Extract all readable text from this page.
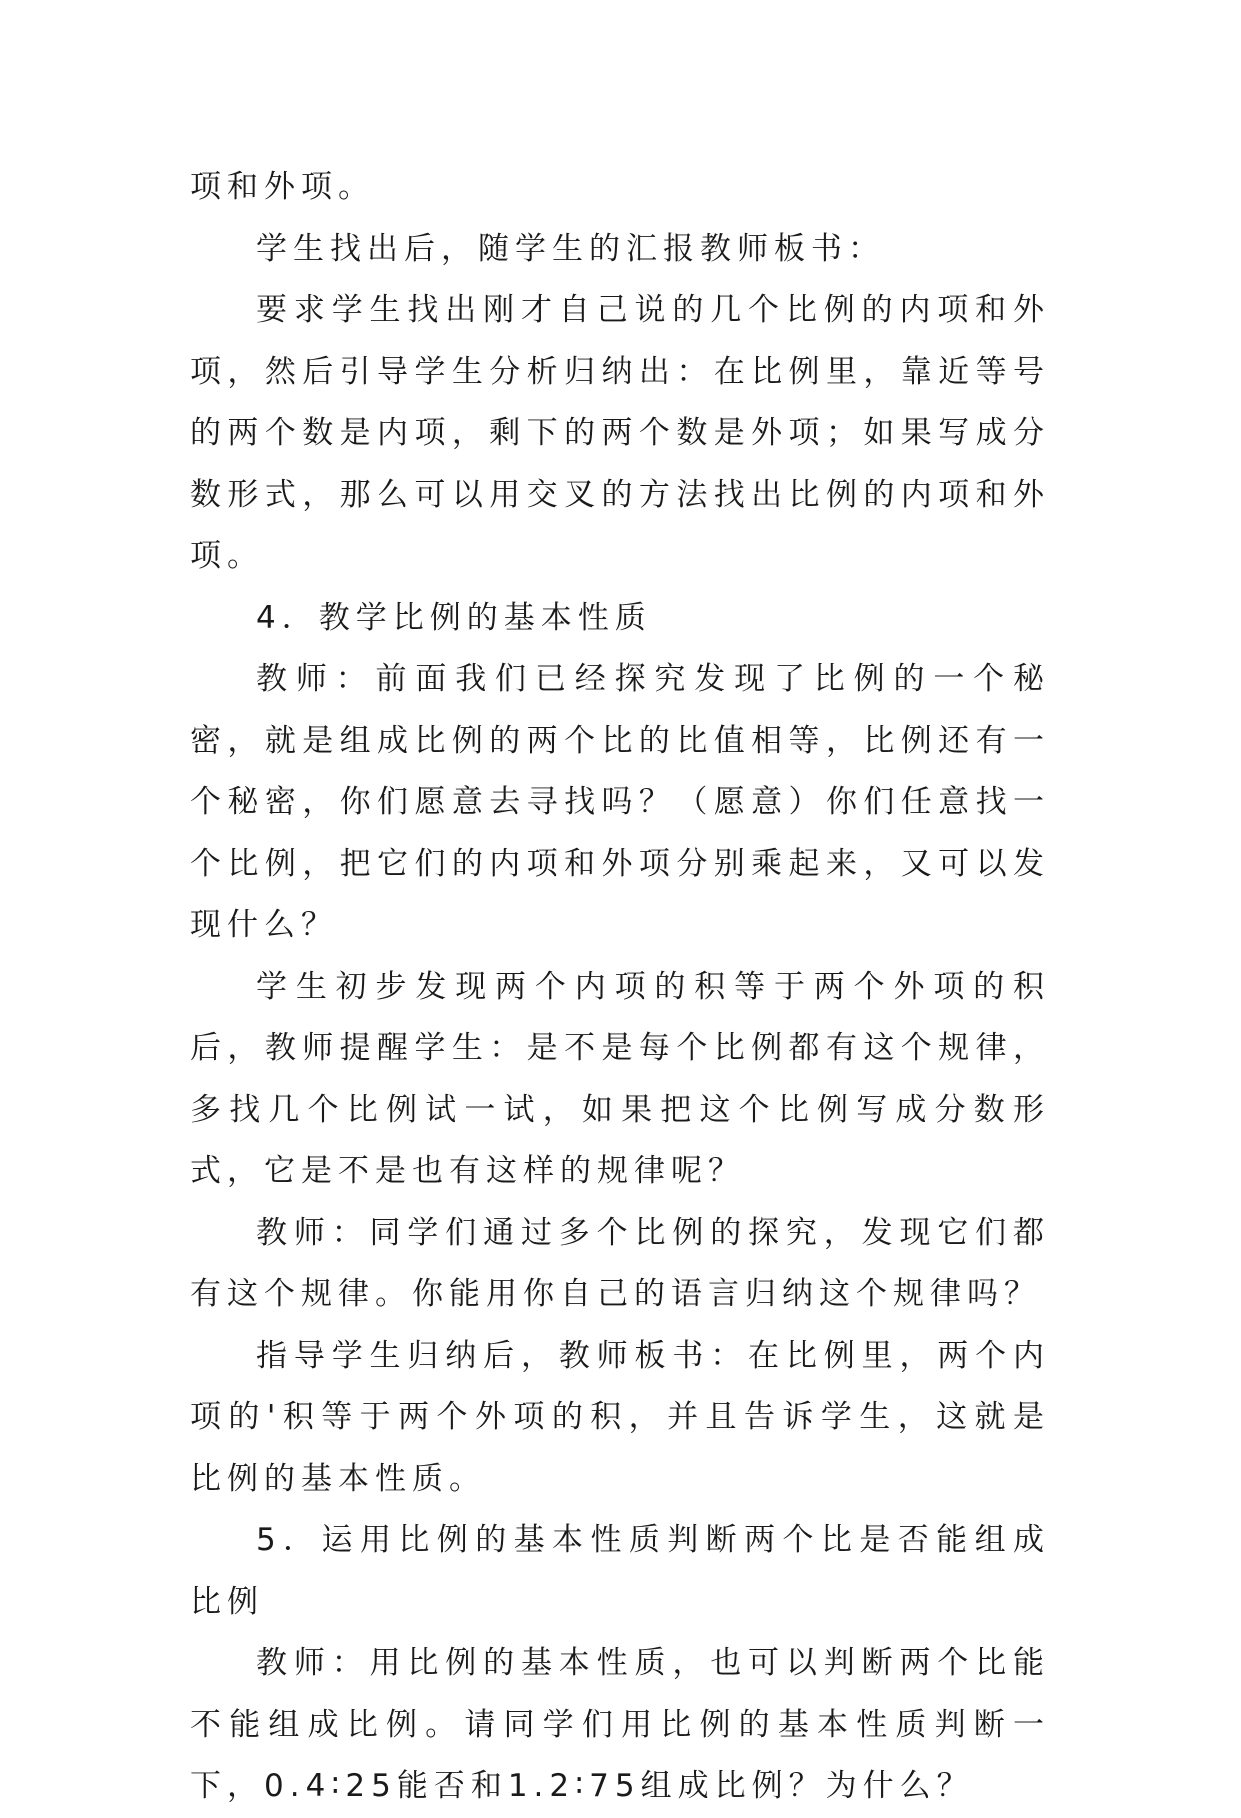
项和外项。

学生找出后，随学生的汇报教师板书：

要求学生找出刚才自己说的几个比例的内项和外项，然后引导学生分析归纳出：在比例里，靠近等号的两个数是内项，剩下的两个数是外项；如果写成分数形式，那么可以用交叉的方法找出比例的内项和外项。

4．教学比例的基本性质

教师：前面我们已经探究发现了比例的一个秘密，就是组成比例的两个比的比值相等，比例还有一个秘密，你们愿意去寻找吗？（愿意）你们任意找一个比例，把它们的内项和外项分别乘起来，又可以发现什么？

学生初步发现两个内项的积等于两个外项的积后，教师提醒学生：是不是每个比例都有这个规律，多找几个比例试一试，如果把这个比例写成分数形式，它是不是也有这样的规律呢？

教师：同学们通过多个比例的探究，发现它们都有这个规律。你能用你自己的语言归纳这个规律吗？

指导学生归纳后，教师板书：在比例里，两个内项的'积等于两个外项的积，并且告诉学生，这就是比例的基本性质。

5．运用比例的基本性质判断两个比是否能组成比例

教师：用比例的基本性质，也可以判断两个比能不能组成比例。请同学们用比例的基本性质判断一下，0.4∶25能否和1.2∶75组成比例？为什么？
